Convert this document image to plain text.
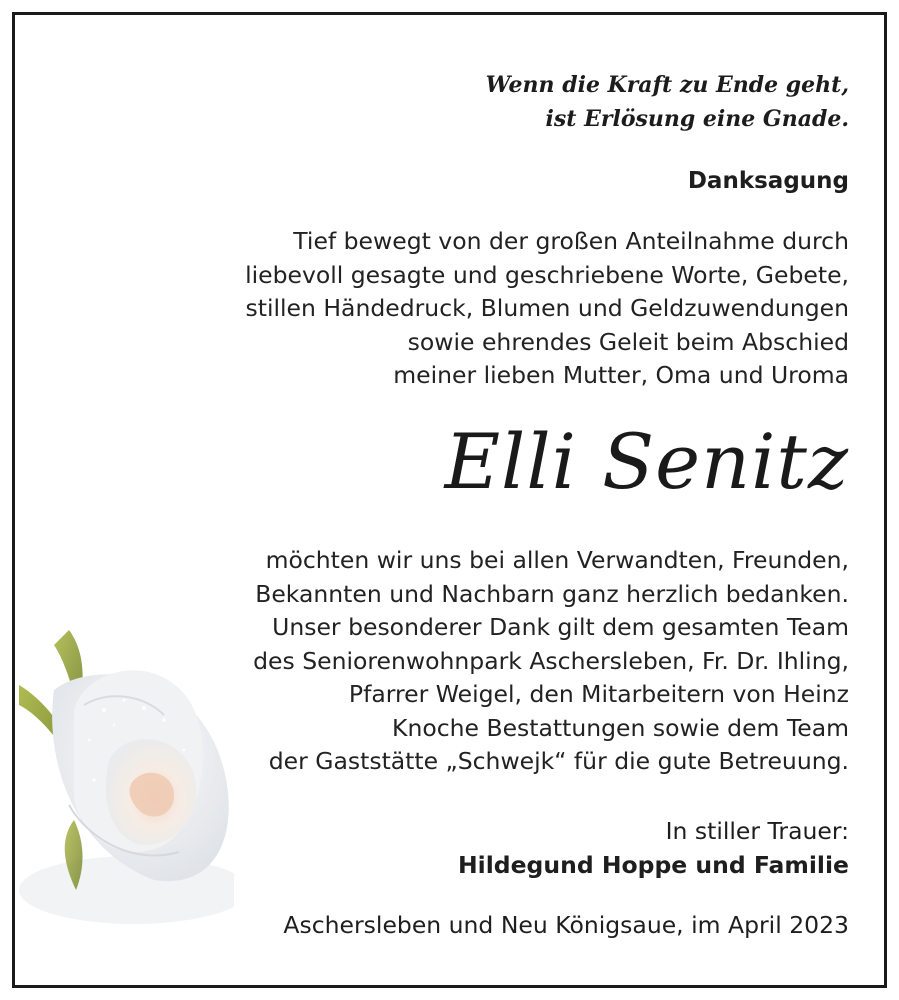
Wenn die Kraft zu Ende geht,
ist Erlösung eine Gnade.
Danksagung
Tief bewegt von der großen Anteilnahme durch
liebevoll gesagte und geschriebene Worte, Gebete,
stillen Händedruck, Blumen und Geldzuwendungen
sowie ehrendes Geleit beim Abschied
meiner lieben Mutter, Oma und Uroma
Elli Senitz
möchten wir uns bei allen Verwandten, Freunden,
Bekannten und Nachbarn ganz herzlich bedanken.
Unser besonderer Dank gilt dem gesamten Team
des Seniorenwohnpark Aschersleben, Fr. Dr. Ihling,
Pfarrer Weigel, den Mitarbeitern von Heinz
Knoche Bestattungen sowie dem Team
der Gaststätte „Schwejk“ für die gute Betreuung.
In stiller Trauer:
Hildegund Hoppe und Familie
Aschersleben und Neu Königsaue, im April 2023
